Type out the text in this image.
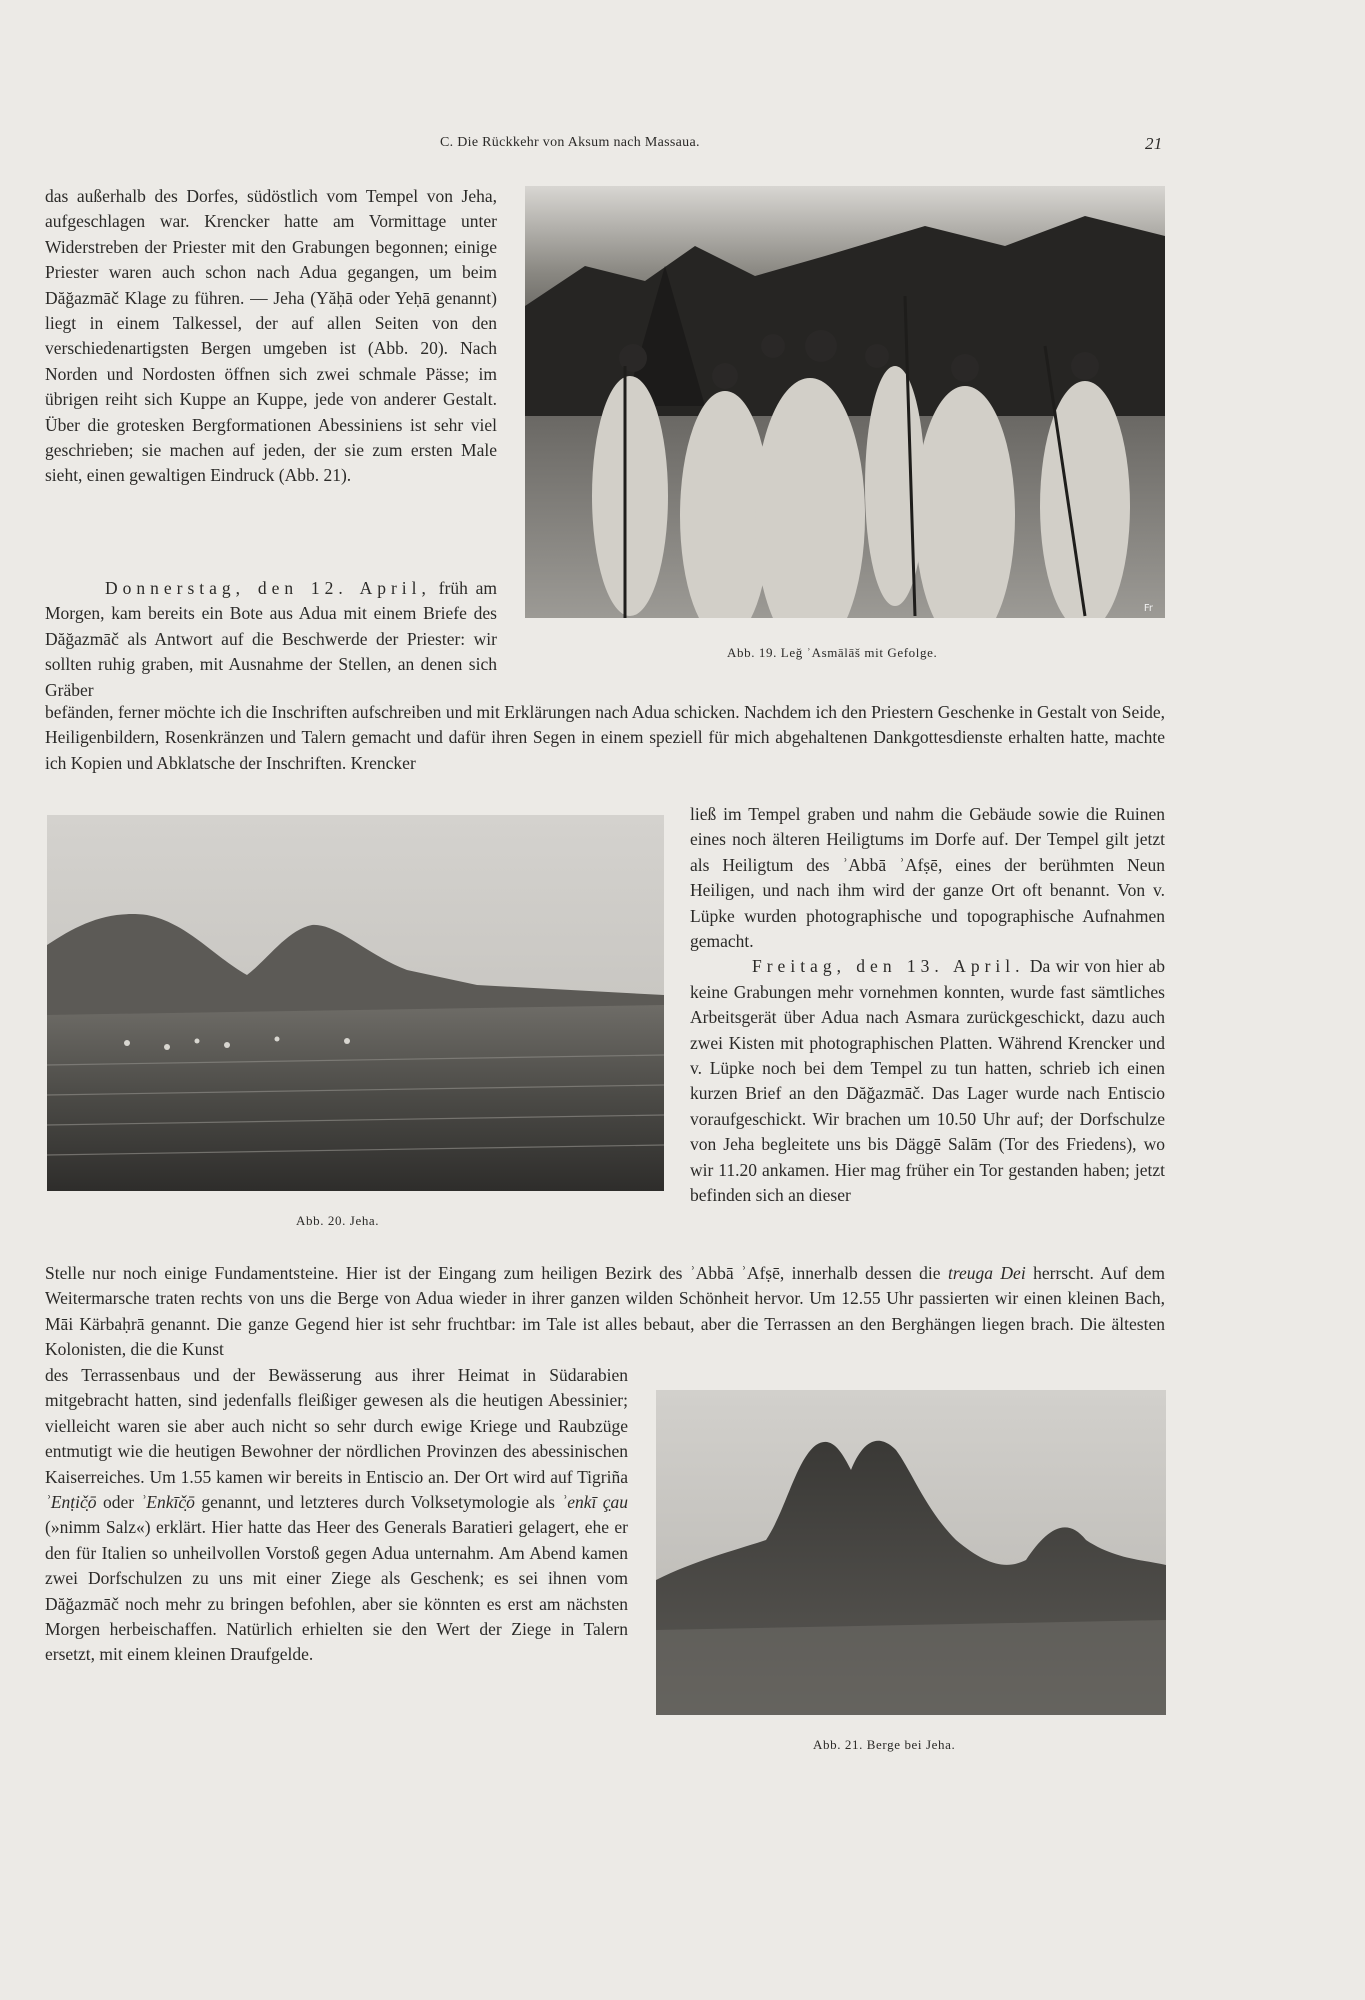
C. Die Rückkehr von Aksum nach Massaua.	21

das außerhalb des Dorfes, südöstlich vom Tempel von Jeha, aufgeschlagen war. Krencker hatte am Vormittage unter Widerstreben der Priester mit den Grabungen begonnen; einige Priester waren auch schon nach Adua gegangen, um beim Dăğazmāč Klage zu führen. — Jeha (Yăḥā oder Yeḥā genannt) liegt in einem Talkessel, der auf allen Seiten von den verschiedenartigsten Bergen umgeben ist (Abb. 20). Nach Norden und Nordosten öffnen sich zwei schmale Pässe; im übrigen reiht sich Kuppe an Kuppe, jede von anderer Gestalt. Über die grotesken Bergformationen Abessiniens ist sehr viel geschrieben; sie machen auf jeden, der sie zum ersten Male sieht, einen gewaltigen Eindruck (Abb. 21).

Donnerstag, den 12. April, früh am Morgen, kam bereits ein Bote aus Adua mit einem Briefe des Dăğazmāč als Antwort auf die Beschwerde der Priester: wir sollten ruhig graben, mit Ausnahme der Stellen, an denen sich Gräber

befänden, ferner möchte ich die Inschriften aufschreiben und mit Erklärungen nach Adua schicken. Nachdem ich den Priestern Geschenke in Gestalt von Seide, Heiligenbildern, Rosenkränzen und Talern gemacht und dafür ihren Segen in einem speziell für mich abgehaltenen Dankgottesdienste erhalten hatte, machte ich Kopien und Abklatsche der Inschriften. Krencker

ließ im Tempel graben und nahm die Gebäude sowie die Ruinen eines noch älteren Heiligtums im Dorfe auf. Der Tempel gilt jetzt als Heiligtum des ʾAbbā ʾAfṣē, eines der berühmten Neun Heiligen, und nach ihm wird der ganze Ort oft benannt. Von v. Lüpke wurden photographische und topographische Aufnahmen gemacht.

Freitag, den 13. April. Da wir von hier ab keine Grabungen mehr vornehmen konnten, wurde fast sämtliches Arbeitsgerät über Adua nach Asmara zurückgeschickt, dazu auch zwei Kisten mit photographischen Platten. Während Krencker und v. Lüpke noch bei dem Tempel zu tun hatten, schrieb ich einen kurzen Brief an den Dăğazmāč. Das Lager wurde nach Entiscio voraufgeschickt. Wir brachen um 10.50 Uhr auf; der Dorfschulze von Jeha begleitete uns bis Däggē Salām (Tor des Friedens), wo wir 11.20 ankamen. Hier mag früher ein Tor gestanden haben; jetzt befinden sich an dieser

Stelle nur noch einige Fundamentsteine. Hier ist der Eingang zum heiligen Bezirk des ʾAbbā ʾAfṣē, innerhalb dessen die treuga Dei herrscht. Auf dem Weitermarsche traten rechts von uns die Berge von Adua wieder in ihrer ganzen wilden Schönheit hervor. Um 12.55 Uhr passierten wir einen kleinen Bach, Māi Kärbaḥrā genannt. Die ganze Gegend hier ist sehr fruchtbar: im Tale ist alles bebaut, aber die Terrassen an den Berghängen liegen brach. Die ältesten Kolonisten, die die Kunst

des Terrassenbaus und der Bewässerung aus ihrer Heimat in Südarabien mitgebracht hatten, sind jedenfalls fleißiger gewesen als die heutigen Abessinier; vielleicht waren sie aber auch nicht so sehr durch ewige Kriege und Raubzüge entmutigt wie die heutigen Bewohner der nördlichen Provinzen des abessinischen Kaiserreiches. Um 1.55 kamen wir bereits in Entiscio an. Der Ort wird auf Tigriña ʾEnṭič̣ō oder ʾEnkīč̣ō genannt, und letzteres durch Volksetymologie als ʾenkī ç̣au (»nimm Salz«) erklärt. Hier hatte das Heer des Generals Baratieri gelagert, ehe er den für Italien so unheilvollen Vorstoß gegen Adua unternahm. Am Abend kamen zwei Dorfschulzen zu uns mit einer Ziege als Geschenk; es sei ihnen vom Dăğazmāč noch mehr zu bringen befohlen, aber sie könnten es erst am nächsten Morgen herbeischaffen. Natürlich erhielten sie den Wert der Ziege in Talern ersetzt, mit einem kleinen Draufgelde.

Fr
Abb. 19. Leğ ʾAsmālāš mit Gefolge.
Abb. 20. Jeha.
Abb. 21. Berge bei Jeha.
